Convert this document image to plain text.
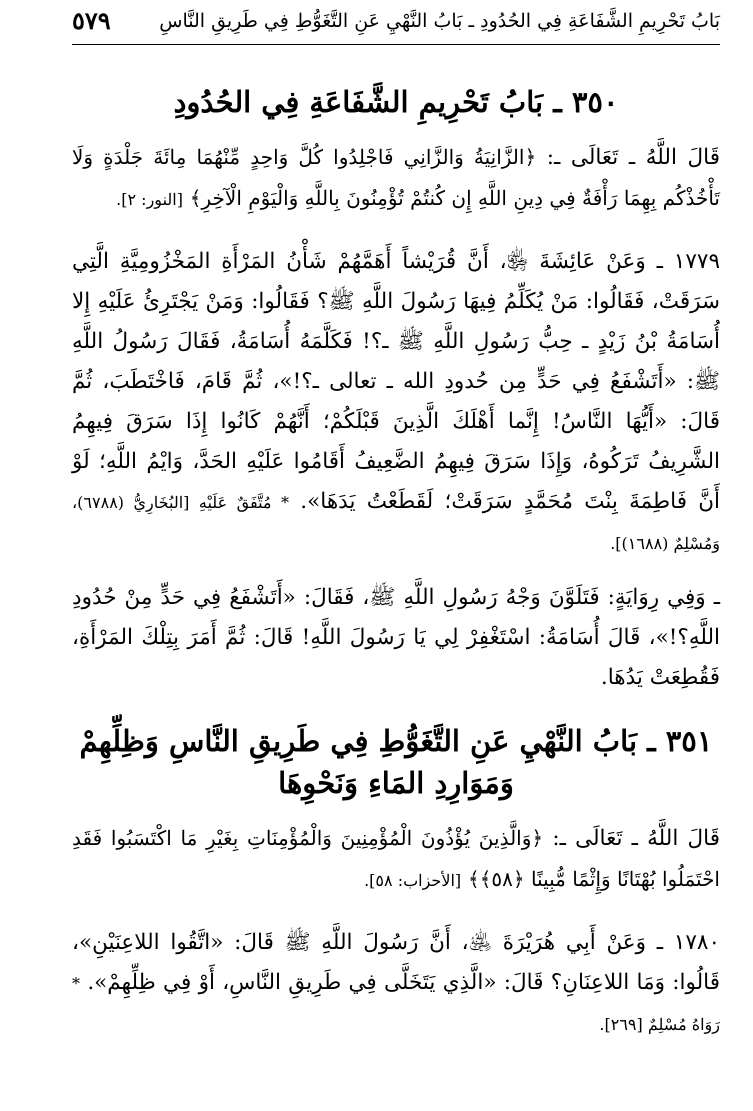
بَابُ تَحْرِيمِ الشَّفَاعَةِ فِي الحُدُودِ ـ بَابُ النَّهْيِ عَنِ التَّغَوُّطِ فِي طَرِيقِ النَّاسِ
٥٧٩
٣٥٠ ـ بَابُ تَحْرِيمِ الشَّفَاعَةِ فِي الحُدُودِ

قَالَ اللَّهُ ـ تَعَالَى ـ: ﴿الزَّانِيَةُ وَالزَّانِي فَاجْلِدُوا كُلَّ وَاحِدٍ مِّنْهُمَا مِائَةَ جَلْدَةٍ وَلَا تَأْخُذْكُم بِهِمَا رَأْفَةٌ فِي دِينِ اللَّهِ إِن كُنتُمْ تُؤْمِنُونَ بِاللَّهِ وَالْيَوْمِ الْآخِرِ﴾ [النور: ٢].

١٧٧٩ ـ وَعَنْ عَائِشَةَ ﵂، أَنَّ قُرَيْشاً أَهَمَّهُمْ شَأْنُ المَرْأَةِ المَخْزُومِيَّةِ الَّتِي سَرَقَتْ، فَقَالُوا: مَنْ يُكَلِّمُ فِيهَا رَسُولَ اللَّهِ ﷺ؟ فَقَالُوا: وَمَنْ يَجْتَرِئُ عَلَيْهِ إِلا أُسَامَةُ بْنُ زَيْدٍ ـ حِبُّ رَسُولِ اللَّهِ ﷺ ـ؟! فَكَلَّمَهُ أُسَامَةُ، فَقَالَ رَسُولُ اللَّهِ ﷺ: «أَتَشْفَعُ فِي حَدٍّ مِن حُدودِ الله ـ تعالى ـ؟!»، ثُمَّ قَامَ، فَاخْتَطَبَ، ثُمَّ قَالَ: «أَيُّهَا النَّاسُ! إِنَّما أَهْلَكَ الَّذِينَ قَبْلَكُمْ؛ أَنَّهُمْ كَانُوا إِذَا سَرَقَ فِيهِمُ الشَّرِيفُ تَرَكُوهُ، وَإِذَا سَرَقَ فِيهِمُ الضَّعِيفُ أَقَامُوا عَلَيْهِ الحَدَّ، وَايْمُ اللَّهِ؛ لَوْ أَنَّ فَاطِمَةَ بِنْتَ مُحَمَّدٍ سَرَقَتْ؛ لَقَطَعْتُ يَدَهَا». * مُتَّفَقٌ عَلَيْهِ [البُخَارِيُّ (٦٧٨٨)، وَمُسْلِمٌ (١٦٨٨)].

ـ وَفِي رِوَايَةٍ: فَتَلَوَّنَ وَجْهُ رَسُولِ اللَّهِ ﷺ، فَقَالَ: «أَتَشْفَعُ فِي حَدٍّ مِنْ حُدُودِ اللَّهِ؟!»، قَالَ أُسَامَةُ: اسْتَغْفِرْ لِي يَا رَسُولَ اللَّهِ! قَالَ: ثُمَّ أَمَرَ بِتِلْكَ المَرْأَةِ، فَقُطِعَتْ يَدُهَا.

٣٥١ ـ بَابُ النَّهْيِ عَنِ التَّغَوُّطِ فِي طَرِيقِ النَّاسِ وَظِلِّهِمْ وَمَوَارِدِ المَاءِ وَنَحْوِهَا

قَالَ اللَّهُ ـ تَعَالَى ـ: ﴿وَالَّذِينَ يُؤْذُونَ الْمُؤْمِنِينَ وَالْمُؤْمِنَاتِ بِغَيْرِ مَا اكْتَسَبُوا فَقَدِ احْتَمَلُوا بُهْتَانًا وَإِثْمًا مُّبِينًا ﴿٥٨﴾﴾ [الأحزاب: ٥٨].

١٧٨٠ ـ وَعَنْ أَبِي هُرَيْرَةَ ﵁، أَنَّ رَسُولَ اللَّهِ ﷺ قَالَ: «اتَّقُوا اللاعِنَيْنِ»، قَالُوا: وَمَا اللاعِنَانِ؟ قَالَ: «الَّذِي يَتَخَلَّى فِي طَرِيقِ النَّاسِ، أَوْ فِي ظِلِّهِمْ». * رَوَاهُ مُسْلِمٌ [٢٦٩].
